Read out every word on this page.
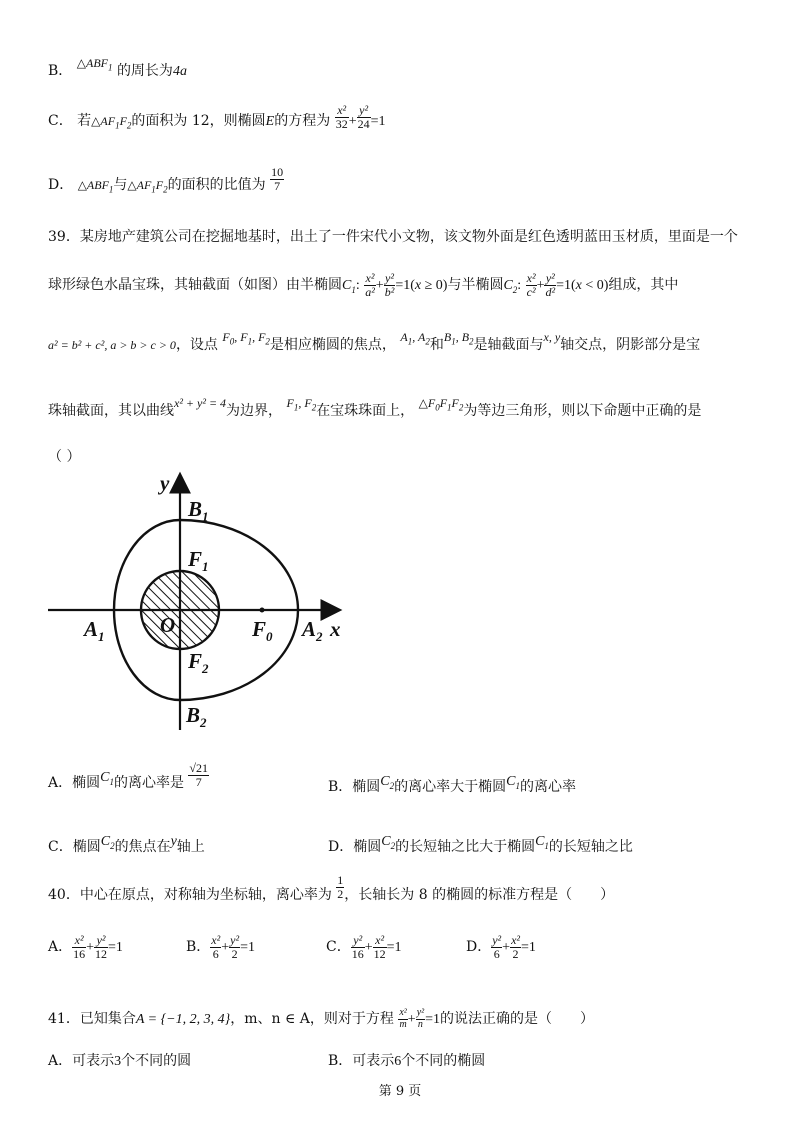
B． $\triangle ABF_1$ 的周长为4a
C． 若$\triangle AF_1F_2$的面积为 12，则椭圆E的方程为 $\frac{\text{x²}}{32} + \frac{\text{y²}}{24} =1$
D． $\triangle ABF_1$与$\triangle AF_1F_2$的面积的比值为 $\frac{10}{7}$
39．某房地产建筑公司在挖掘地基时，出土了一件宋代小文物，该文物外面是红色透明蓝田玉材质，里面是一个
球形绿色水晶宝珠，其轴截面（如图）由半椭圆$C_1$: $\frac{\text{x²}}{\text{a²}} + \frac{\text{y²}}{\text{b²}} =1(x \ge 0)$与半椭圆$C_2$: $\frac{\text{x²}}{\text{c²}} + \frac{\text{y²}}{\text{d²}} =1(x < 0)$组成，其中
a² = b² + c², a > b > c > 0，设点 $F_0$, $F_1$, $F_2$是相应椭圆的焦点， $A_1$, $A_2$和$B_1$, $B_2$是轴截面与x, y轴交点，阴影部分是宝
珠轴截面，其以曲线x² + y² = 4为边界， $F_1$, $F_2$在宝珠珠面上， $\triangle F_0F_1F_2$为等边三角形，则以下命题中正确的是
（ ）
y
x
$B_1$
$F_1$
O
$F_2$
$B_2$
$A_1$	$F_0$ $A_2$
A．椭圆$C_1$的离心率是 $\frac{√21}{7}$	B．椭圆$C_2$的离心率大于椭圆$C_1$的离心率
C．椭圆$C_2$的焦点在y轴上	D．椭圆$C_2$的长短轴之比大于椭圆$C_1$的长短轴之比
40．中心在原点，对称轴为坐标轴，离心率为 $\frac{1}{2}$ ，长轴长为 8 的椭圆的标准方程是（　　）
A． $\frac{\text{x²}}{16} + \frac{\text{y²}}{12} =1$	B． $\frac{\text{x²}}{6} + \frac{\text{y²}}{2} =1$	C． $\frac{\text{y²}}{16} + \frac{\text{x²}}{12} =1$	D． $\frac{\text{y²}}{6} + \frac{\text{x²}}{2} =1$
41．已知集合A = {−1, 2, 3, 4}，m、n ∈ A，则对于方程 $\frac{\text{x²}}{m} + \frac{\text{y²}}{n} =1$的说法正确的是（　　）
A．可表示3个不同的圆	B．可表示6个不同的椭圆
第 9 页
